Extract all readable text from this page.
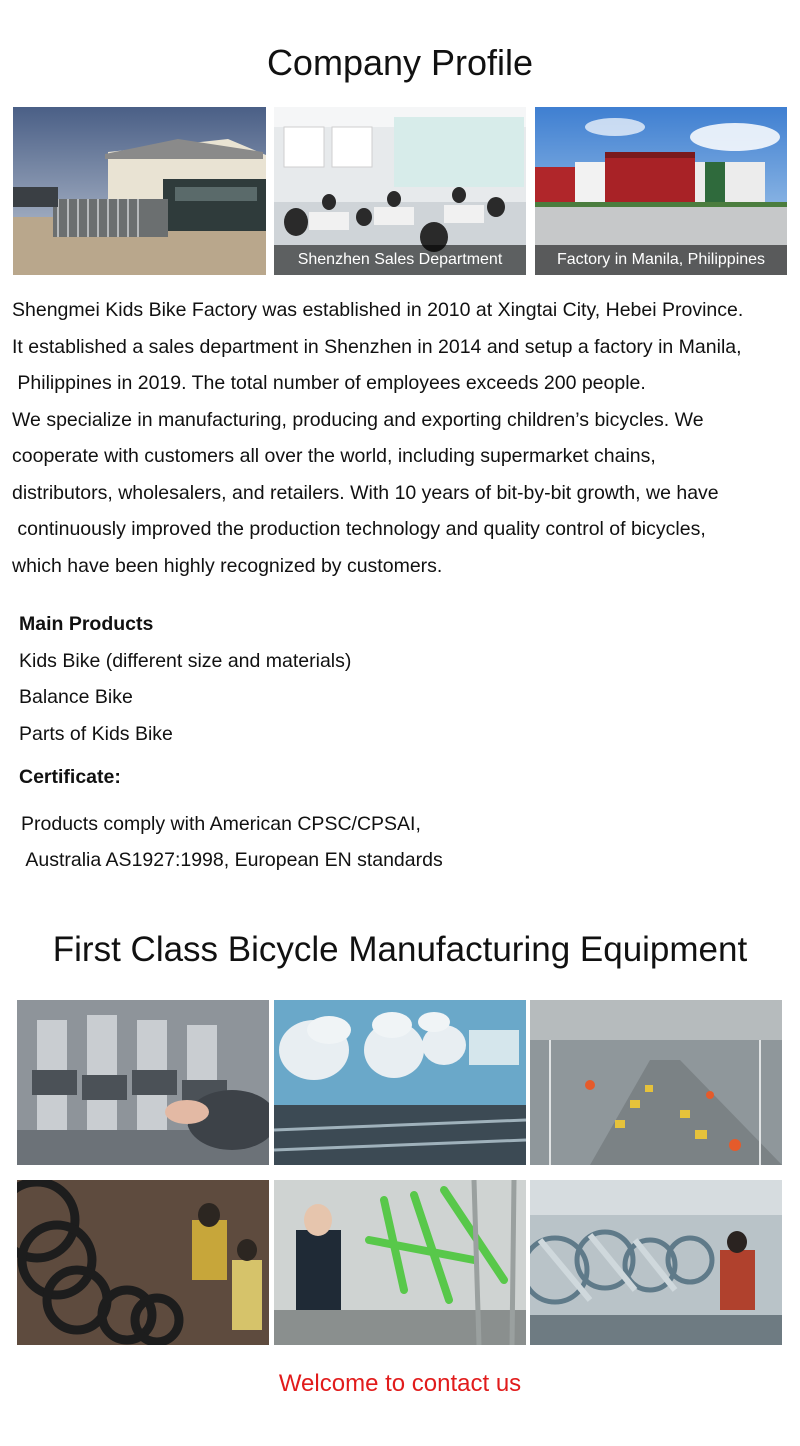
Company Profile
Shenzhen Sales Department	Factory in Manila, Philippines
Shengmei Kids Bike Factory was established in 2010 at Xingtai City, Hebei Province.
It established a sales department in Shenzhen in 2014 and setup a factory in Manila,
Philippines in 2019. The total number of employees exceeds 200 people.
We specialize in manufacturing, producing and exporting children’s bicycles. We
cooperate with customers all over the world, including supermarket chains,
distributors, wholesalers, and retailers. With 10 years of bit-by-bit growth, we have
continuously improved the production technology and quality control of bicycles,
which have been highly recognized by customers.
Main Products
Kids Bike (different size and materials)
Balance Bike
Parts of Kids Bike
Certificate:
Products comply with American CPSC/CPSAI,
Australia AS1927:1998, European EN standards
First Class Bicycle Manufacturing Equipment
Welcome to contact us
